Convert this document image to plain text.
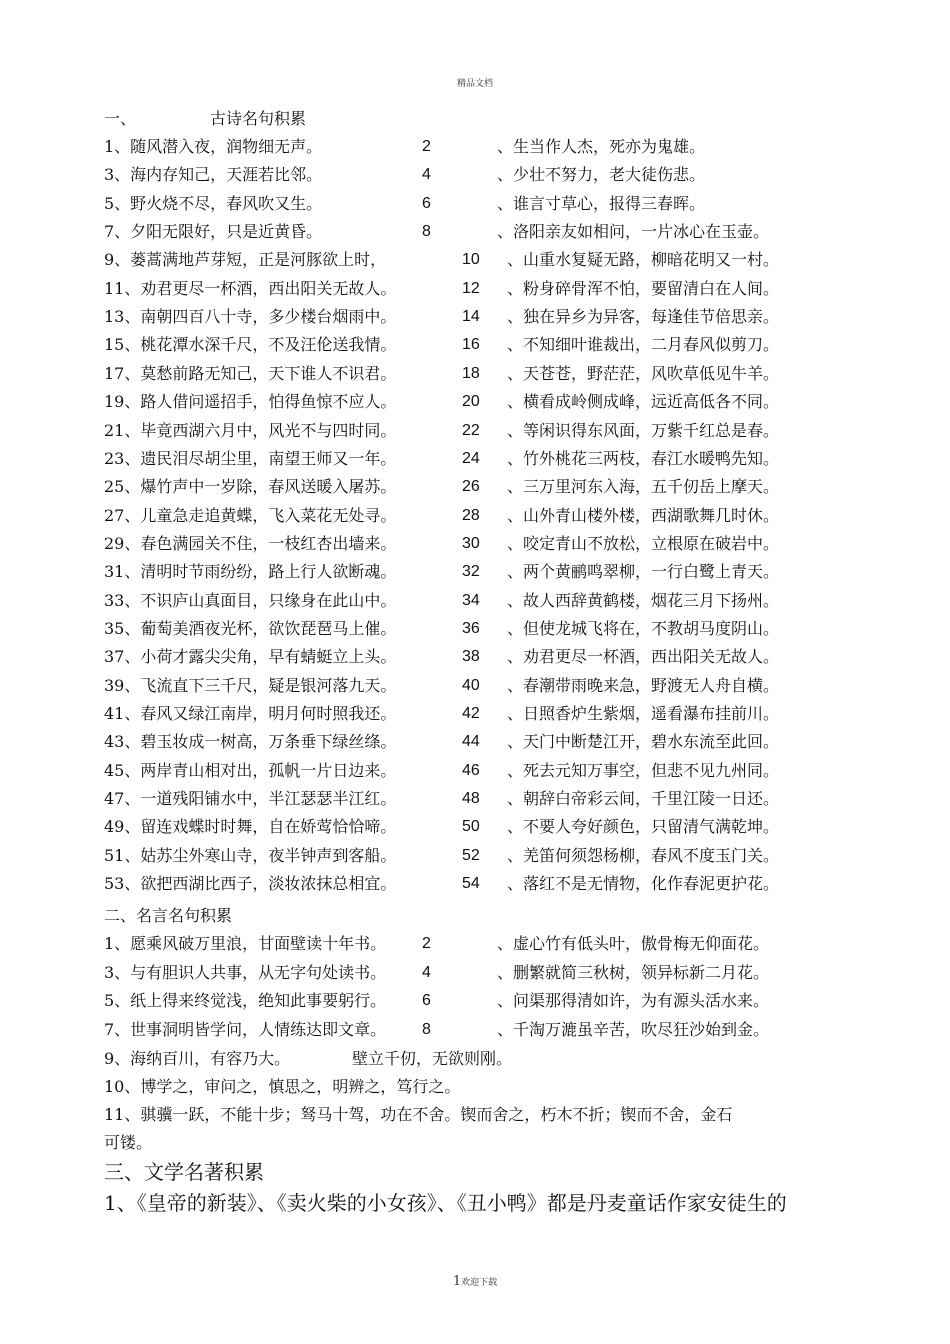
精品文档
一、	古诗名句积累
1、随风潜入夜，润物细无声。	2	、生当作人杰，死亦为鬼雄。
3、海内存知己，天涯若比邻。	4	、少壮不努力，老大徒伤悲。
5、野火烧不尽，春风吹又生。	6	、谁言寸草心，报得三春晖。
7、夕阳无限好，只是近黄昏。	8	、洛阳亲友如相问，一片冰心在玉壶。
9、蒌蒿满地芦芽短，正是河豚欲上时，	10 、山重水复疑无路，柳暗花明又一村。
11、劝君更尽一杯酒，西出阳关无故人。	12 、粉身碎骨浑不怕，要留清白在人间。
13、南朝四百八十寺，多少楼台烟雨中。	14 、独在异乡为异客，每逢佳节倍思亲。
15、桃花潭水深千尺，不及汪伦送我情。	16 、不知细叶谁裁出，二月春风似剪刀。
17、莫愁前路无知己，天下谁人不识君。	18 、天苍苍，野茫茫，风吹草低见牛羊。
19、路人借问遥招手，怕得鱼惊不应人。	20 、横看成岭侧成峰，远近高低各不同。
21、毕竟西湖六月中，风光不与四时同。	22 、等闲识得东风面，万紫千红总是春。
23、遗民泪尽胡尘里，南望王师又一年。	24 、竹外桃花三两枝，春江水暖鸭先知。
25、爆竹声中一岁除，春风送暖入屠苏。	26 、三万里河东入海，五千仞岳上摩天。
27、儿童急走追黄蝶，飞入菜花无处寻。	28 、山外青山楼外楼，西湖歌舞几时休。
29、春色满园关不住，一枝红杏出墙来。	30 、咬定青山不放松，立根原在破岩中。
31、清明时节雨纷纷，路上行人欲断魂。	32 、两个黄鹂鸣翠柳，一行白鹭上青天。
33、不识庐山真面目，只缘身在此山中。	34 、故人西辞黄鹤楼，烟花三月下扬州。
35、葡萄美酒夜光杯，欲饮琵琶马上催。	36 、但使龙城飞将在，不教胡马度阴山。
37、小荷才露尖尖角，早有蜻蜓立上头。	38 、劝君更尽一杯酒，西出阳关无故人。
39、飞流直下三千尺，疑是银河落九天。	40 、春潮带雨晚来急，野渡无人舟自横。
41、春风又绿江南岸，明月何时照我还。	42 、日照香炉生紫烟，遥看瀑布挂前川。
43、碧玉妆成一树高，万条垂下绿丝绦。	44 、天门中断楚江开，碧水东流至此回。
45、两岸青山相对出，孤帆一片日边来。	46 、死去元知万事空，但悲不见九州同。
47、一道残阳铺水中，半江瑟瑟半江红。	48 、朝辞白帝彩云间，千里江陵一日还。
49、留连戏蝶时时舞，自在娇莺恰恰啼。	50 、不要人夸好颜色，只留清气满乾坤。
51、姑苏尘外寒山寺，夜半钟声到客船。	52 、羌笛何须怨杨柳，春风不度玉门关。
53、欲把西湖比西子，淡妆浓抹总相宜。	54 、落红不是无情物，化作春泥更护花。
二、名言名句积累
1、愿乘风破万里浪，甘面壁读十年书。 2	、虚心竹有低头叶，傲骨梅无仰面花。
3、与有胆识人共事，从无字句处读书。 4	、删繁就简三秋树，领异标新二月花。
5、纸上得来终觉浅，绝知此事要躬行。 6	、问渠那得清如许，为有源头活水来。
7、世事洞明皆学问，人情练达即文章。 8	、千淘万漉虽辛苦，吹尽狂沙始到金。
9、海纳百川，有容乃大。	壁立千仞，无欲则刚。
10、博学之，审问之，慎思之，明辨之，笃行之。
11、骐骥一跃，不能十步；驽马十驾，功在不舍。锲而舍之，朽木不折；锲而不舍，金石
可镂。
三、文学名著积累
1、《皇帝的新装》、《卖火柴的小女孩》、《丑小鸭》都是丹麦童话作家安徒生的
1欢迎下载
